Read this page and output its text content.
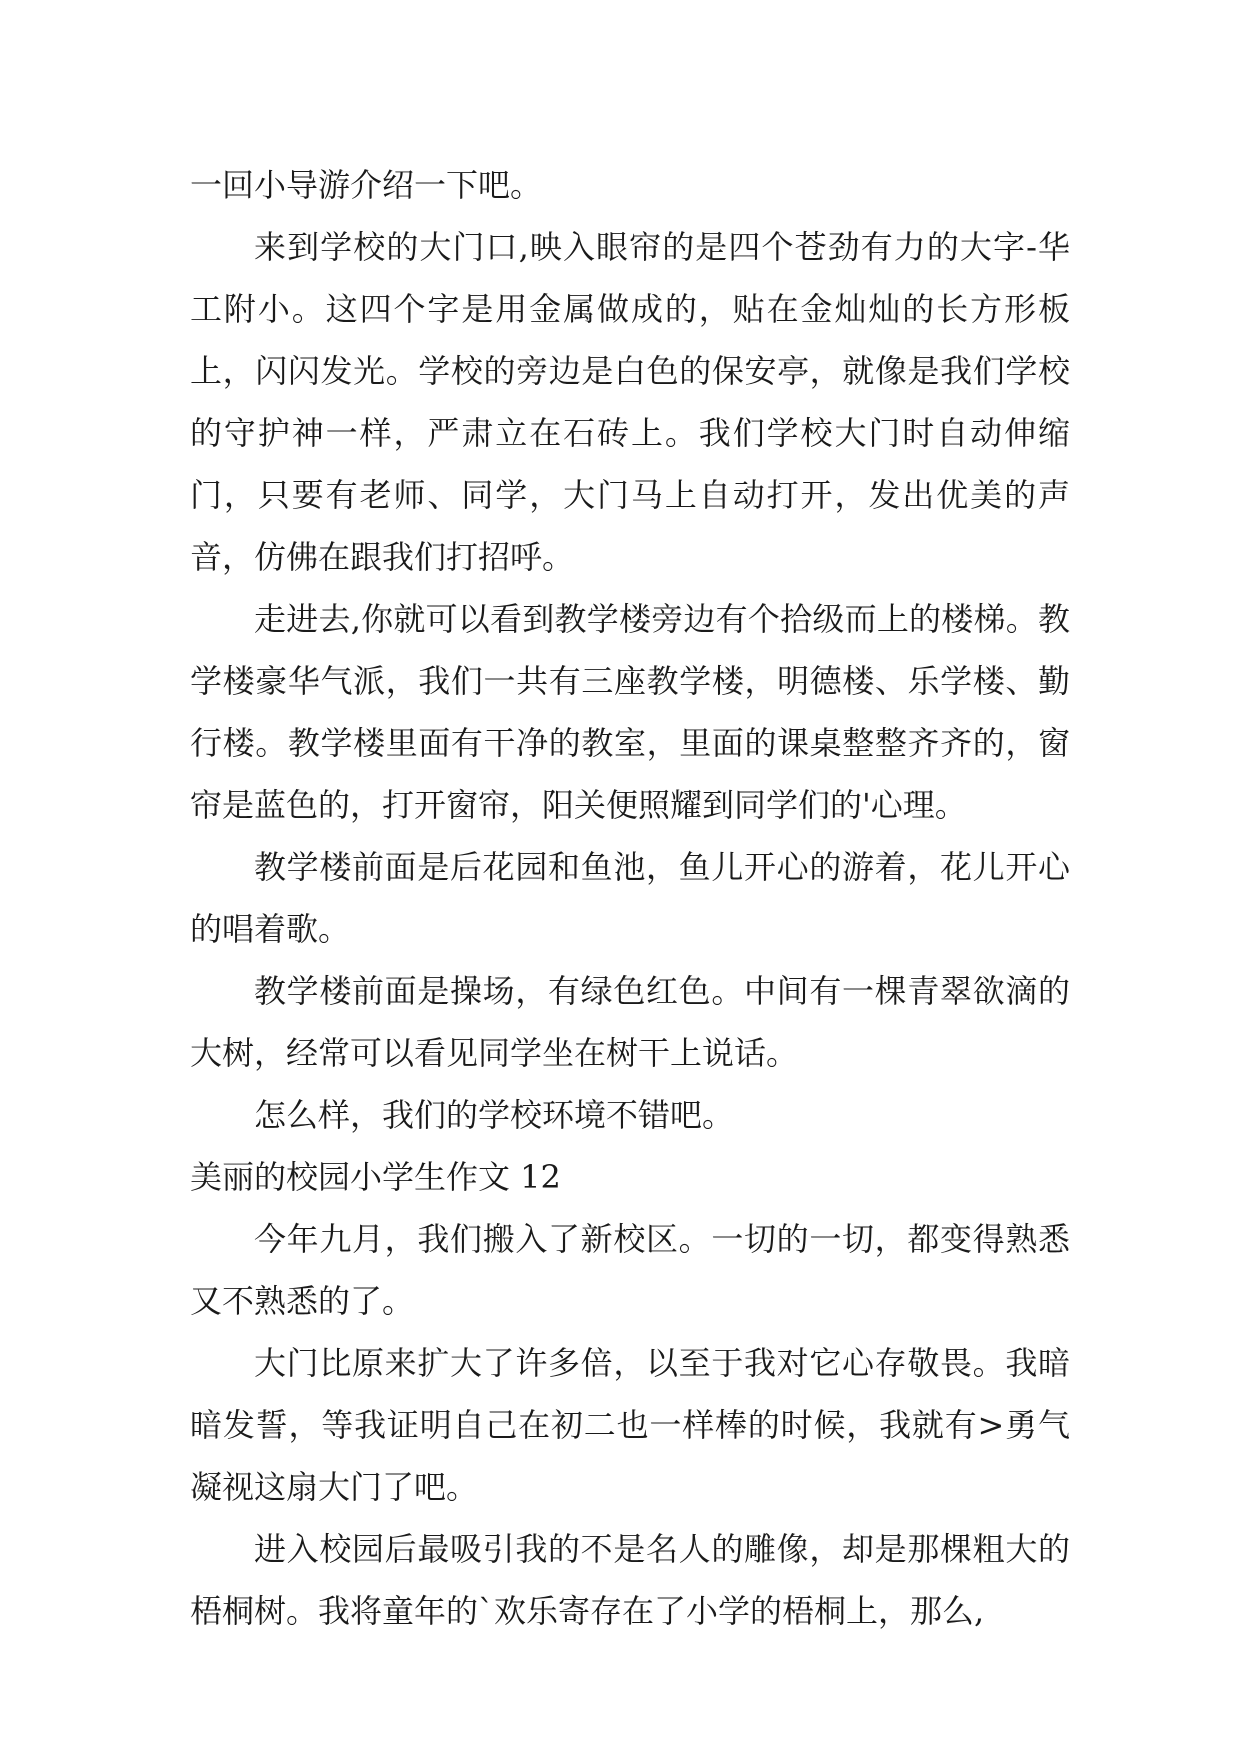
一回小导游介绍一下吧。

来到学校的大门口,映入眼帘的是四个苍劲有力的大字-华工附小。这四个字是用金属做成的，贴在金灿灿的长方形板上，闪闪发光。学校的旁边是白色的保安亭，就像是我们学校的守护神一样，严肃立在石砖上。我们学校大门时自动伸缩门，只要有老师、同学，大门马上自动打开，发出优美的声音，仿佛在跟我们打招呼。

走进去,你就可以看到教学楼旁边有个拾级而上的楼梯。教学楼豪华气派，我们一共有三座教学楼，明德楼、乐学楼、勤行楼。教学楼里面有干净的教室，里面的课桌整整齐齐的，窗帘是蓝色的，打开窗帘，阳关便照耀到同学们的'心理。

教学楼前面是后花园和鱼池，鱼儿开心的游着，花儿开心的唱着歌。

教学楼前面是操场，有绿色红色。中间有一棵青翠欲滴的大树，经常可以看见同学坐在树干上说话。

怎么样，我们的学校环境不错吧。

美丽的校园小学生作文 12

今年九月，我们搬入了新校区。一切的一切，都变得熟悉又不熟悉的了。

大门比原来扩大了许多倍，以至于我对它心存敬畏。我暗暗发誓，等我证明自己在初二也一样棒的时候，我就有>勇气凝视这扇大门了吧。

进入校园后最吸引我的不是名人的雕像，却是那棵粗大的梧桐树。我将童年的`欢乐寄存在了小学的梧桐上，那么,
